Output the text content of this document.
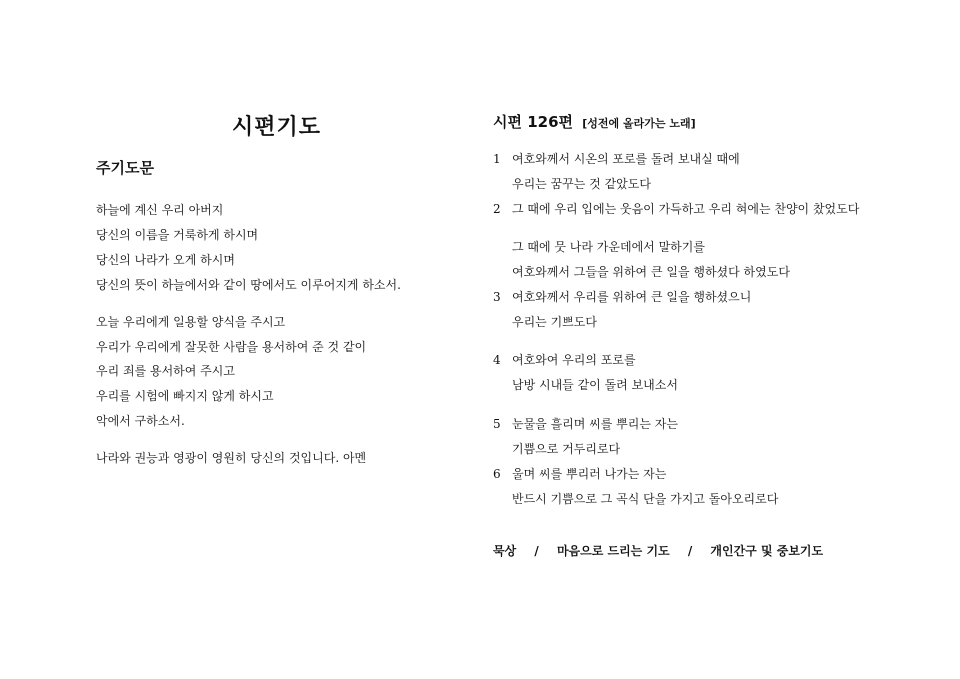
시편기도
주기도문
하늘에 계신 우리 아버지
당신의 이름을 거룩하게 하시며
당신의 나라가 오게 하시며
당신의 뜻이 하늘에서와 같이 땅에서도 이루어지게 하소서.
오늘 우리에게 일용할 양식을 주시고
우리가 우리에게 잘못한 사람을 용서하여 준 것 같이
우리 죄를 용서하여 주시고
우리를 시험에 빠지지 않게 하시고
악에서 구하소서.
나라와 권능과 영광이 영원히 당신의 것입니다. 아멘
시편 126편 [성전에 올라가는 노래]
1 여호와께서 시온의 포로를 돌려 보내실 때에
우리는 꿈꾸는 것 같았도다
2 그 때에 우리 입에는 웃음이 가득하고 우리 혀에는 찬양이 찼었도다
그 때에 뭇 나라 가운데에서 말하기를
여호와께서 그들을 위하여 큰 일을 행하셨다 하였도다
3 여호와께서 우리를 위하여 큰 일을 행하셨으니
우리는 기쁘도다
4 여호와여 우리의 포로를
남방 시내들 같이 돌려 보내소서
5 눈물을 흘리며 씨를 뿌리는 자는
기쁨으로 거두리로다
6 울며 씨를 뿌리러 나가는 자는
반드시 기쁨으로 그 곡식 단을 가지고 돌아오리로다
묵상 / 마음으로 드리는 기도 / 개인간구 및 중보기도
